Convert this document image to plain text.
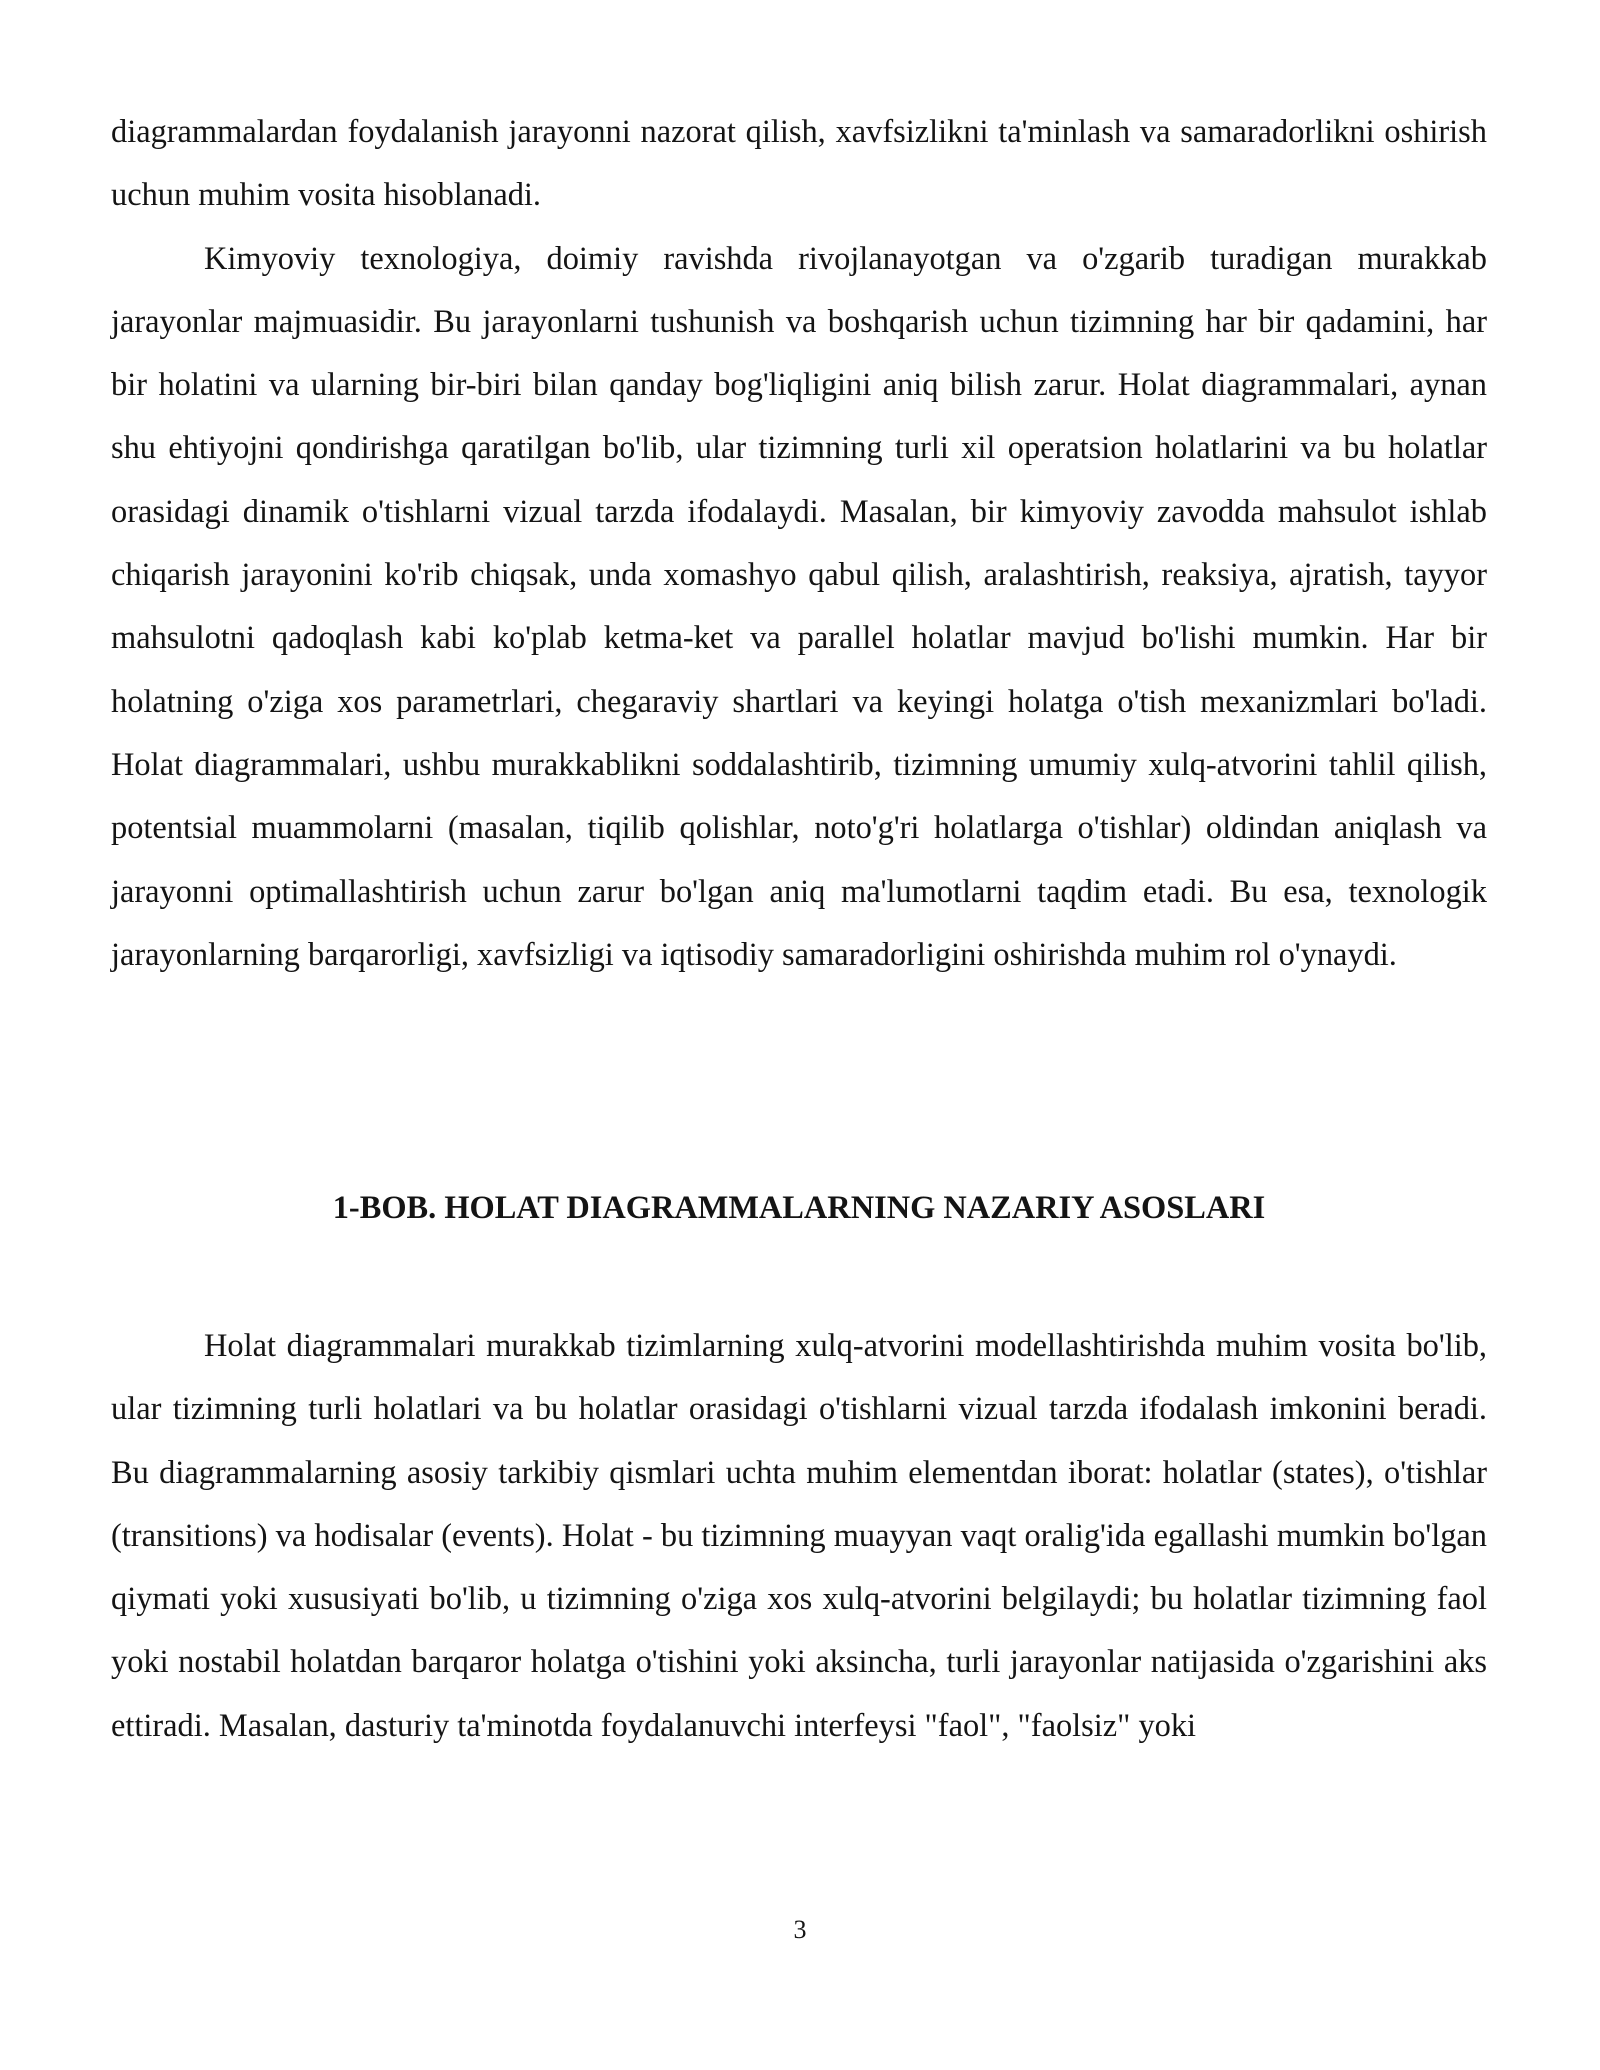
diagrammalardan foydalanish jarayonni nazorat qilish, xavfsizlikni ta'minlash va samaradorlikni oshirish uchun muhim vosita hisoblanadi.

Kimyoviy texnologiya, doimiy ravishda rivojlanayotgan va o'zgarib turadigan murakkab jarayonlar majmuasidir. Bu jarayonlarni tushunish va boshqarish uchun tizimning har bir qadamini, har bir holatini va ularning bir-biri bilan qanday bog'liqligini aniq bilish zarur. Holat diagrammalari, aynan shu ehtiyojni qondirishga qaratilgan bo'lib, ular tizimning turli xil operatsion holatlarini va bu holatlar orasidagi dinamik o'tishlarni vizual tarzda ifodalaydi. Masalan, bir kimyoviy zavodda mahsulot ishlab chiqarish jarayonini ko'rib chiqsak, unda xomashyo qabul qilish, aralashtirish, reaksiya, ajratish, tayyor mahsulotni qadoqlash kabi ko'plab ketma-ket va parallel holatlar mavjud bo'lishi mumkin. Har bir holatning o'ziga xos parametrlari, chegaraviy shartlari va keyingi holatga o'tish mexanizmlari bo'ladi. Holat diagrammalari, ushbu murakkablikni soddalashtirib, tizimning umumiy xulq-atvorini tahlil qilish, potentsial muammolarni (masalan, tiqilib qolishlar, noto'g'ri holatlarga o'tishlar) oldindan aniqlash va jarayonni optimallashtirish uchun zarur bo'lgan aniq ma'lumotlarni taqdim etadi. Bu esa, texnologik jarayonlarning barqarorligi, xavfsizligi va iqtisodiy samaradorligini oshirishda muhim rol o'ynaydi.

1-BOB. HOLAT DIAGRAMMALARNING NAZARIY ASOSLARI

Holat diagrammalari murakkab tizimlarning xulq-atvorini modellashtirishda muhim vosita bo'lib, ular tizimning turli holatlari va bu holatlar orasidagi o'tishlarni vizual tarzda ifodalash imkonini beradi. Bu diagrammalarning asosiy tarkibiy qismlari uchta muhim elementdan iborat: holatlar (states), o'tishlar (transitions) va hodisalar (events). Holat - bu tizimning muayyan vaqt oralig'ida egallashi mumkin bo'lgan qiymati yoki xususiyati bo'lib, u tizimning o'ziga xos xulq-atvorini belgilaydi; bu holatlar tizimning faol yoki nostabil holatdan barqaror holatga o'tishini yoki aksincha, turli jarayonlar natijasida o'zgarishini aks ettiradi. Masalan, dasturiy ta'minotda foydalanuvchi interfeysi "faol", "faolsiz" yoki

3
